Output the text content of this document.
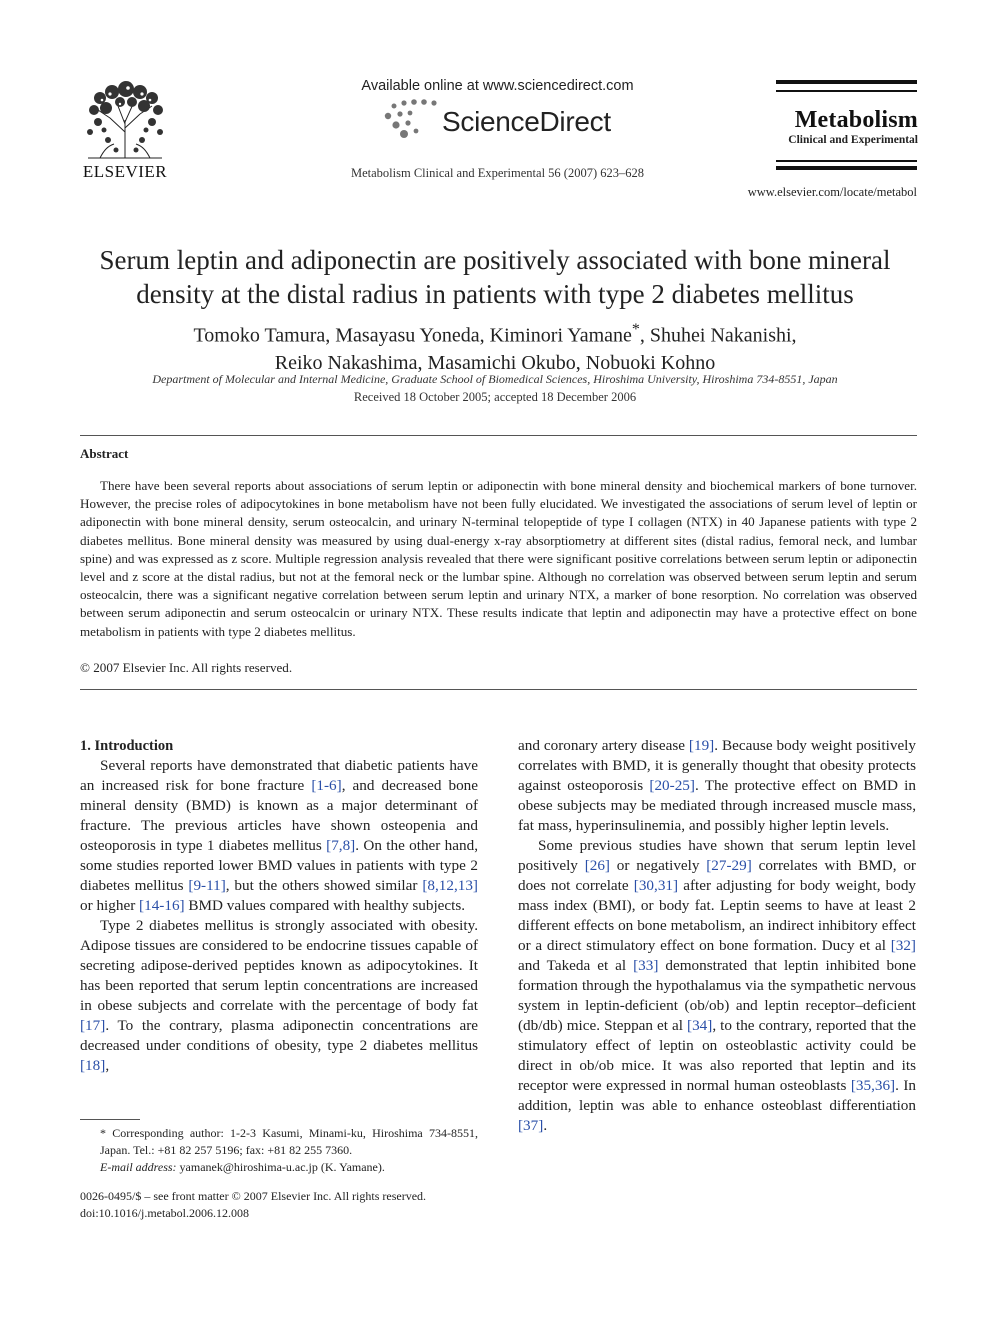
ELSEVIER
Available online at www.sciencedirect.com
ScienceDirect
Metabolism Clinical and Experimental 56 (2007) 623–628
Metabolism
Clinical and Experimental
www.elsevier.com/locate/metabol
Serum leptin and adiponectin are positively associated with bone mineral
density at the distal radius in patients with type 2 diabetes mellitus
Tomoko Tamura, Masayasu Yoneda, Kiminori Yamane*, Shuhei Nakanishi,
Reiko Nakashima, Masamichi Okubo, Nobuoki Kohno
Department of Molecular and Internal Medicine, Graduate School of Biomedical Sciences, Hiroshima University, Hiroshima 734-8551, Japan
Received 18 October 2005; accepted 18 December 2006
Abstract

There have been several reports about associations of serum leptin or adiponectin with bone mineral density and biochemical markers of bone turnover. However, the precise roles of adipocytokines in bone metabolism have not been fully elucidated. We investigated the associations of serum level of leptin or adiponectin with bone mineral density, serum osteocalcin, and urinary N-terminal telopeptide of type I collagen (NTX) in 40 Japanese patients with type 2 diabetes mellitus. Bone mineral density was measured by using dual-energy x-ray absorptiometry at different sites (distal radius, femoral neck, and lumbar spine) and was expressed as z score. Multiple regression analysis revealed that there were significant positive correlations between serum leptin or adiponectin level and z score at the distal radius, but not at the femoral neck or the lumbar spine. Although no correlation was observed between serum leptin and serum osteocalcin, there was a significant negative correlation between serum leptin and urinary NTX, a marker of bone resorption. No correlation was observed between serum adiponectin and serum osteocalcin or urinary NTX. These results indicate that leptin and adiponectin may have a protective effect on bone metabolism in patients with type 2 diabetes mellitus.

© 2007 Elsevier Inc. All rights reserved.

1. Introduction

Several reports have demonstrated that diabetic patients have an increased risk for bone fracture [1-6], and decreased bone mineral density (BMD) is known as a major determinant of fracture. The previous articles have shown osteopenia and osteoporosis in type 1 diabetes mellitus [7,8]. On the other hand, some studies reported lower BMD values in patients with type 2 diabetes mellitus [9-11], but the others showed similar [8,12,13] or higher [14-16] BMD values compared with healthy subjects.

Type 2 diabetes mellitus is strongly associated with obesity. Adipose tissues are considered to be endocrine tissues capable of secreting adipose-derived peptides known as adipocytokines. It has been reported that serum leptin concentrations are increased in obese subjects and correlate with the percentage of body fat [17]. To the contrary, plasma adiponectin concentrations are decreased under conditions of obesity, type 2 diabetes mellitus [18],

* Corresponding author: 1-2-3 Kasumi, Minami-ku, Hiroshima 734-8551, Japan. Tel.: +81 82 257 5196; fax: +81 82 255 7360.

E-mail address: yamanek@hiroshima-u.ac.jp (K. Yamane).

0026-0495/$ – see front matter © 2007 Elsevier Inc. All rights reserved.

doi:10.1016/j.metabol.2006.12.008

and coronary artery disease [19]. Because body weight positively correlates with BMD, it is generally thought that obesity protects against osteoporosis [20-25]. The protective effect on BMD in obese subjects may be mediated through increased muscle mass, fat mass, hyperinsulinemia, and possibly higher leptin levels.

Some previous studies have shown that serum leptin level positively [26] or negatively [27-29] correlates with BMD, or does not correlate [30,31] after adjusting for body weight, body mass index (BMI), or body fat. Leptin seems to have at least 2 different effects on bone metabolism, an indirect inhibitory effect or a direct stimulatory effect on bone formation. Ducy et al [32] and Takeda et al [33] demonstrated that leptin inhibited bone formation through the hypothalamus via the sympathetic nervous system in leptin-deficient (ob/ob) and leptin receptor–deficient (db/db) mice. Steppan et al [34], to the contrary, reported that the stimulatory effect of leptin on osteoblastic activity could be direct in ob/ob mice. It was also reported that leptin and its receptor were expressed in normal human osteoblasts [35,36]. In addition, leptin was able to enhance osteoblast differentiation [37].
